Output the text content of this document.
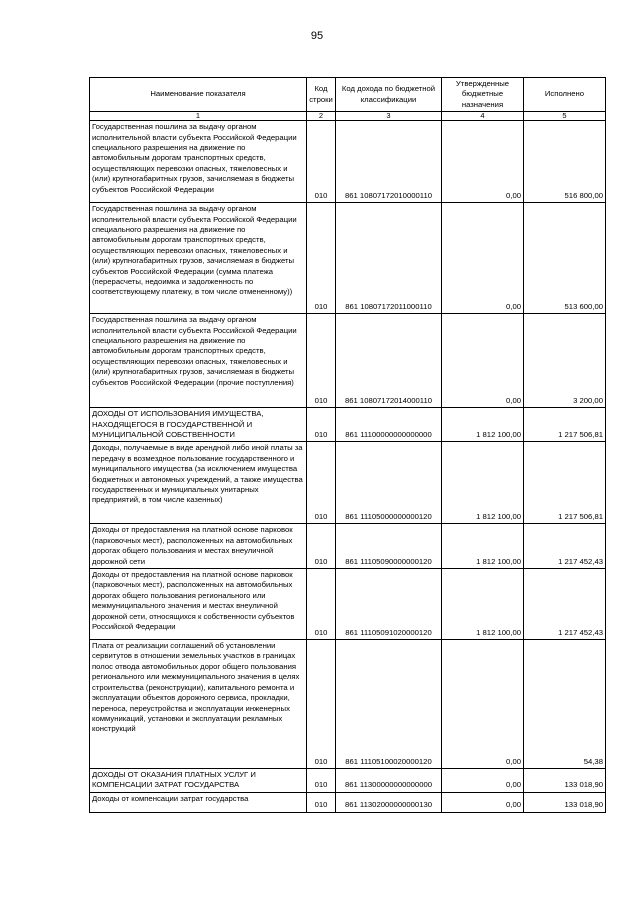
95
Наименование показателя	Код строки	Код дохода по бюджетной классификации	Утвержденные бюджетные назначения	Исполнено
1	2	3	4	5
Государственная пошлина за выдачу органом исполнительной власти субъекта Российской Федерации специального разрешения на движение по автомобильным дорогам транспортных средств, осуществляющих перевозки опасных, тяжеловесных и (или) крупногабаритных грузов, зачисляемая в бюджеты субъектов Российской Федерации	010	861 10807172010000110	0,00	516 800,00
Государственная пошлина за выдачу органом исполнительной власти субъекта Российской Федерации специального разрешения на движение по автомобильным дорогам транспортных средств, осуществляющих перевозки опасных, тяжеловесных и (или) крупногабаритных грузов, зачисляемая в бюджеты субъектов Российской Федерации (сумма платежа (перерасчеты, недоимка и задолженность по соответствующему платежу, в том числе отмененному))	010	861 10807172011000110	0,00	513 600,00
Государственная пошлина за выдачу органом исполнительной власти субъекта Российской Федерации специального разрешения на движение по автомобильным дорогам транспортных средств, осуществляющих перевозки опасных, тяжеловесных и (или) крупногабаритных грузов, зачисляемая в бюджеты субъектов Российской Федерации (прочие поступления)	010	861 10807172014000110	0,00	3 200,00
ДОХОДЫ ОТ ИСПОЛЬЗОВАНИЯ ИМУЩЕСТВА, НАХОДЯЩЕГОСЯ В ГОСУДАРСТВЕННОЙ И МУНИЦИПАЛЬНОЙ СОБСТВЕННОСТИ	010	861 11100000000000000	1 812 100,00	1 217 506,81
Доходы, получаемые в виде арендной либо иной платы за передачу в возмездное пользование государственного и муниципального имущества (за исключением имущества бюджетных и автономных учреждений, а также имущества государственных и муниципальных унитарных предприятий, в том числе казенных)	010	861 11105000000000120	1 812 100,00	1 217 506,81
Доходы от предоставления на платной основе парковок (парковочных мест), расположенных на автомобильных дорогах общего пользования и местах внеуличной дорожной сети	010	861 11105090000000120	1 812 100,00	1 217 452,43
Доходы от предоставления на платной основе парковок (парковочных мест), расположенных на автомобильных дорогах общего пользования регионального или межмуниципального значения и местах внеуличной дорожной сети, относящихся к собственности субъектов Российской Федерации	010	861 11105091020000120	1 812 100,00	1 217 452,43
Плата от реализации соглашений об установлении сервитутов в отношении земельных участков в границах полос отвода автомобильных дорог общего пользования регионального или межмуниципального значения в целях строительства (реконструкции), капитального ремонта и эксплуатации объектов дорожного сервиса, прокладки, переноса, переустройства и эксплуатации инженерных коммуникаций, установки и эксплуатации рекламных конструкций	010	861 11105100020000120	0,00	54,38
ДОХОДЫ ОТ ОКАЗАНИЯ ПЛАТНЫХ УСЛУГ И КОМПЕНСАЦИИ ЗАТРАТ ГОСУДАРСТВА	010	861 11300000000000000	0,00	133 018,90
Доходы от компенсации затрат государства	010	861 11302000000000130	0,00	133 018,90
